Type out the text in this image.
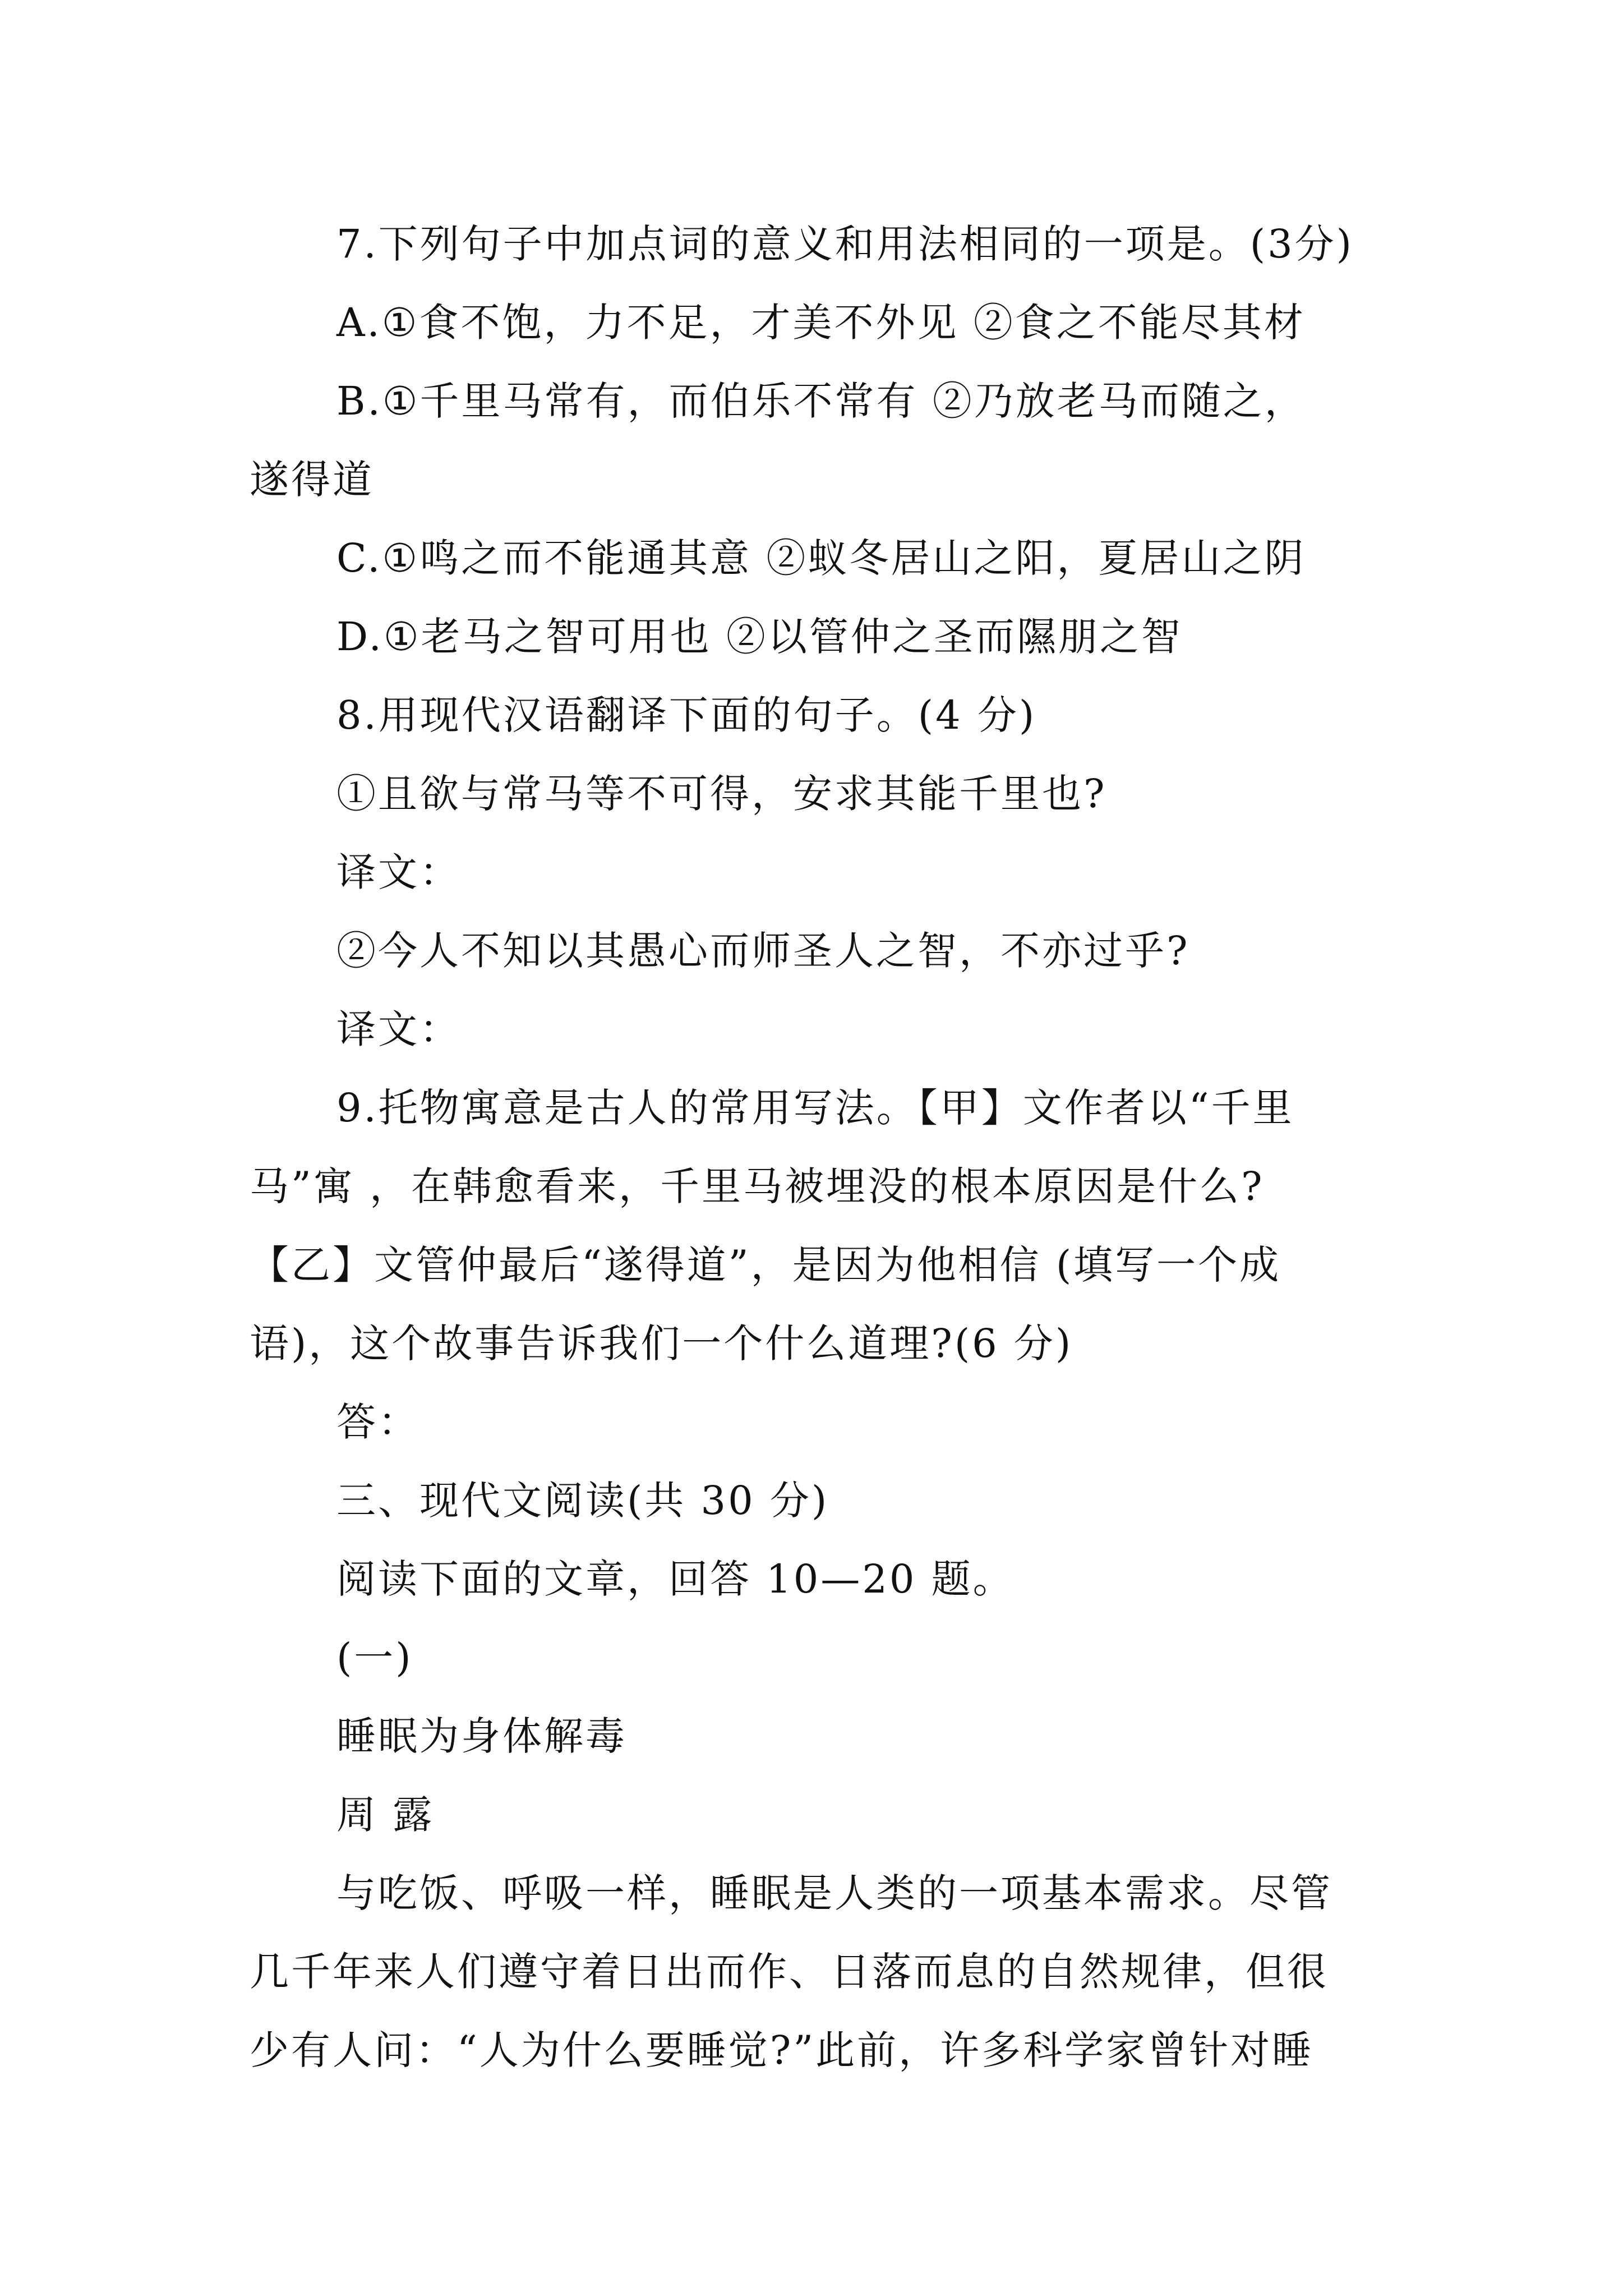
7.下列句子中加点词的意义和用法相同的一项是。(3分)
A.①食不饱，力不足，才美不外见 ②食之不能尽其材
B.①千里马常有，而伯乐不常有 ②乃放老马而随之，
遂得道
C.①鸣之而不能通其意 ②蚁冬居山之阳，夏居山之阴
D.①老马之智可用也 ②以管仲之圣而隰朋之智
8.用现代汉语翻译下面的句子。(4 分)
①且欲与常马等不可得，安求其能千里也?
译文：
②今人不知以其愚心而师圣人之智，不亦过乎?
译文：
9.托物寓意是古人的常用写法。【甲】文作者以“千里
马”寓 ，在韩愈看来，千里马被埋没的根本原因是什么?
【乙】文管仲最后“遂得道”，是因为他相信 (填写一个成
语)，这个故事告诉我们一个什么道理?(6 分)
答：
三、现代文阅读(共 30 分)
阅读下面的文章，回答 10—20 题。
(一)
睡眠为身体解毒
周 露
与吃饭、呼吸一样，睡眠是人类的一项基本需求。尽管
几千年来人们遵守着日出而作、日落而息的自然规律，但很
少有人问：“人为什么要睡觉?”此前，许多科学家曾针对睡
